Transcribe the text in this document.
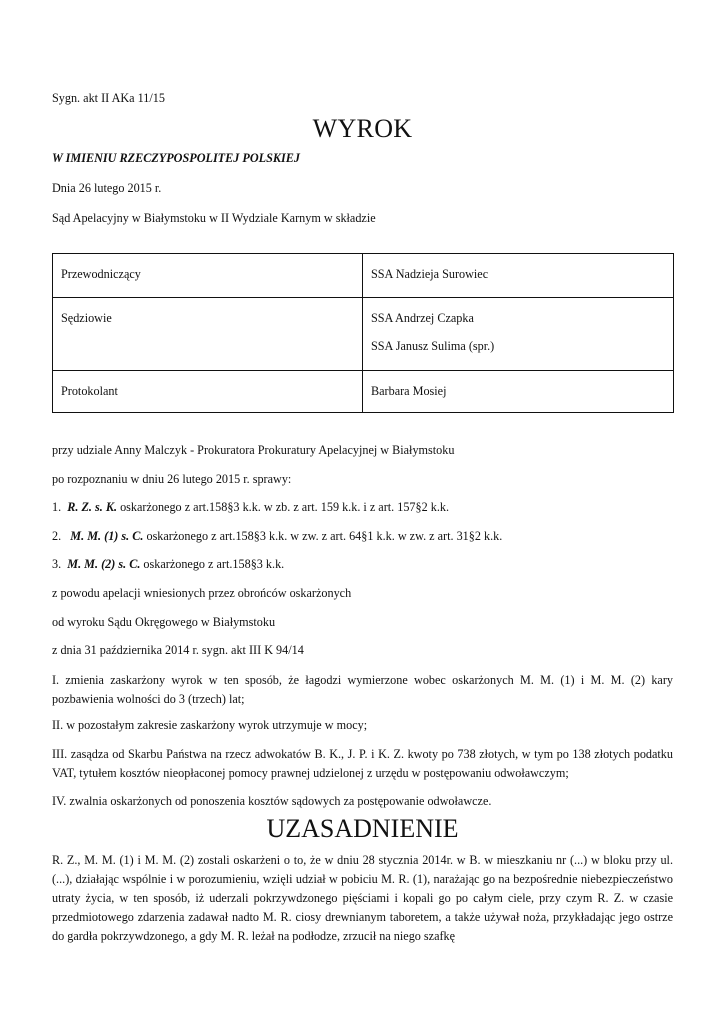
Sygn. akt II AKa 11/15
WYROK
W IMIENIU RZECZYPOSPOLITEJ POLSKIEJ
Dnia 26 lutego 2015 r.
Sąd Apelacyjny w Białymstoku w II Wydziale Karnym w składzie
Przewodniczący	SSA Nadzieja Surowiec
Sędziowie	SSA Andrzej Czapka
SSA Janusz Sulima (spr.)

Protokolant	Barbara Mosiej
przy udziale Anny Malczyk - Prokuratora Prokuratury Apelacyjnej w Białymstoku
po rozpoznaniu w dniu 26 lutego 2015 r. sprawy:
1. R. Z. s. K. oskarżonego z art.158§3 k.k. w zb. z art. 159 k.k. i z art. 157§2 k.k.
2. M. M. (1) s. C. oskarżonego z art.158§3 k.k. w zw. z art. 64§1 k.k. w zw. z art. 31§2 k.k.
3. M. M. (2) s. C. oskarżonego z art.158§3 k.k.
z powodu apelacji wniesionych przez obrońców oskarżonych
od wyroku Sądu Okręgowego w Białymstoku
z dnia 31 października 2014 r. sygn. akt III K 94/14
I. zmienia zaskarżony wyrok w ten sposób, że łagodzi wymierzone wobec oskarżonych M. M. (1) i M. M. (2) kary pozbawienia wolności do 3 (trzech) lat;
II. w pozostałym zakresie zaskarżony wyrok utrzymuje w mocy;
III. zasądza od Skarbu Państwa na rzecz adwokatów B. K., J. P. i K. Z. kwoty po 738 złotych, w tym po 138 złotych podatku VAT, tytułem kosztów nieopłaconej pomocy prawnej udzielonej z urzędu w postępowaniu odwoławczym;
IV. zwalnia oskarżonych od ponoszenia kosztów sądowych za postępowanie odwoławcze.
UZASADNIENIE
R. Z., M. M. (1) i M. M. (2) zostali oskarżeni o to, że w dniu 28 stycznia 2014r. w B. w mieszkaniu nr (...) w bloku przy ul. (...), działając wspólnie i w porozumieniu, wzięli udział w pobiciu M. R. (1), narażając go na bezpośrednie niebezpieczeństwo utraty życia, w ten sposób, iż uderzali pokrzywdzonego pięściami i kopali go po całym ciele, przy czym R. Z. w czasie przedmiotowego zdarzenia zadawał nadto M. R. ciosy drewnianym taboretem, a także używał noża, przykładając jego ostrze do gardła pokrzywdzonego, a gdy M. R. leżał na podłodze, zrzucił na niego szafkę
